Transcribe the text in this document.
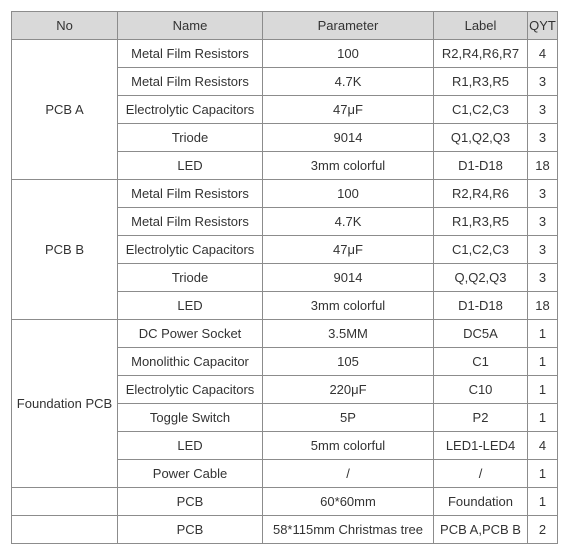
No	Name	Parameter	Label	QYT
PCB A	Metal Film Resistors	100	R2,R4,R6,R7	4
	Metal Film Resistors	4.7K	R1,R3,R5	3
	Electrolytic Capacitors	47μF	C1,C2,C3	3
	Triode	9014	Q1,Q2,Q3	3
	LED	3mm colorful	D1-D18	18
PCB B	Metal Film Resistors	100	R2,R4,R6	3
	Metal Film Resistors	4.7K	R1,R3,R5	3
	Electrolytic Capacitors	47μF	C1,C2,C3	3
	Triode	9014	Q,Q2,Q3	3
	LED	3mm colorful	D1-D18	18
Foundation PCB	DC Power Socket	3.5MM	DC5A	1
	Monolithic Capacitor	105	C1	1
	Electrolytic Capacitors	220μF	C10	1
	Toggle Switch	5P	P2	1
	LED	5mm colorful	LED1-LED4	4
	Power Cable	/	/	1
	PCB	60*60mm	Foundation	1
	PCB	58*115mm Christmas tree	PCB A,PCB B	2
